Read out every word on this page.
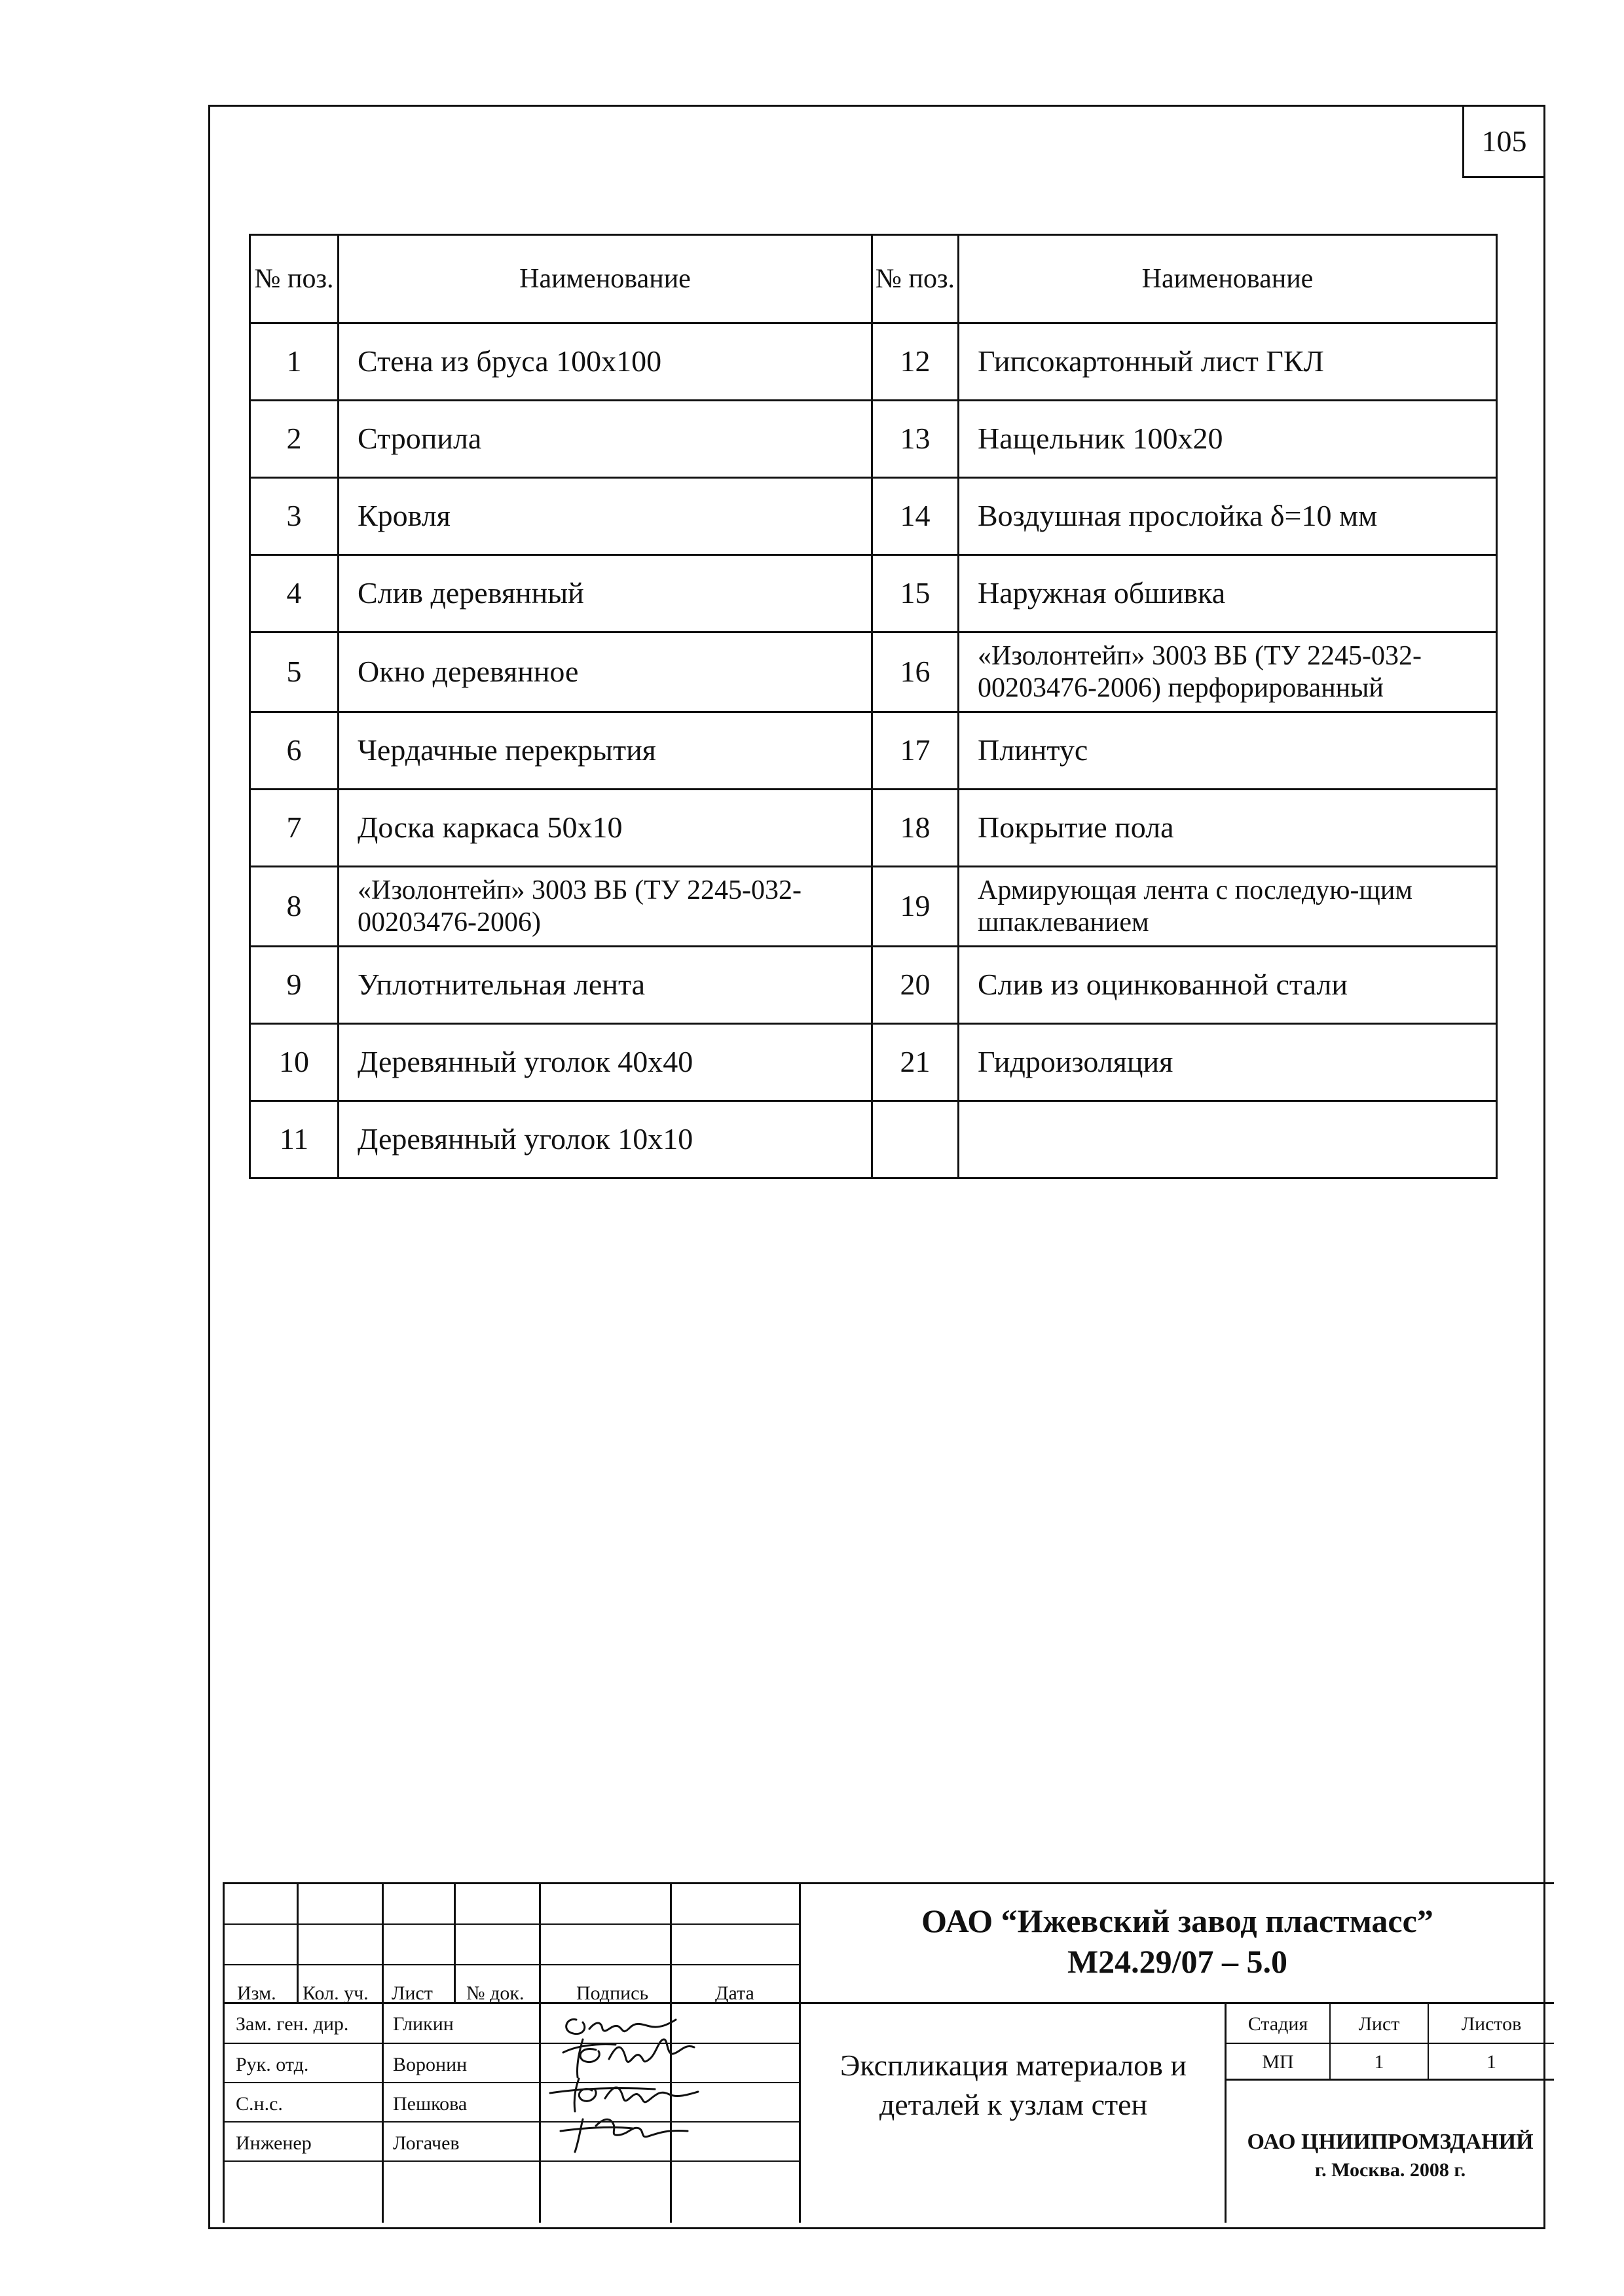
105
№ поз.	Наименование	№ поз.	Наименование
1	Стена из бруса 100х100	12	Гипсокартонный лист ГКЛ
2	Стропила	13	Нащельник 100х20
3	Кровля	14	Воздушная прослойка δ=10 мм
4	Слив деревянный	15	Наружная обшивка
5	Окно деревянное	16	«Изолонтейп» 3003 ВБ (ТУ 2245-032-00203476-2006) перфорированный
6	Чердачные перекрытия	17	Плинтус
7	Доска каркаса 50х10	18	Покрытие пола
8	«Изолонтейп» 3003 ВБ (ТУ 2245-032-00203476-2006)	19	Армирующая лента с последую-щим шпаклеванием
9	Уплотнительная лента	20	Слив из оцинкованной стали
10	Деревянный уголок 40х40	21	Гидроизоляция
11	Деревянный уголок 10х10		
Изм. Кол. уч. Лист № док.	Подпись	Дата
Зам. ген. дир. Гликин
Рук. отд.	Воронин
С.н.с.	Пешкова
Инженер	Логачев
ОАО “Ижевский завод пластмасс”
М24.29/07 – 5.0
Экспликация материалов и деталей к узлам стен
Стадия	Лист	Листов
МП	1	1
ОАО ЦНИИПРОМЗДАНИЙ
г. Москва. 2008 г.
